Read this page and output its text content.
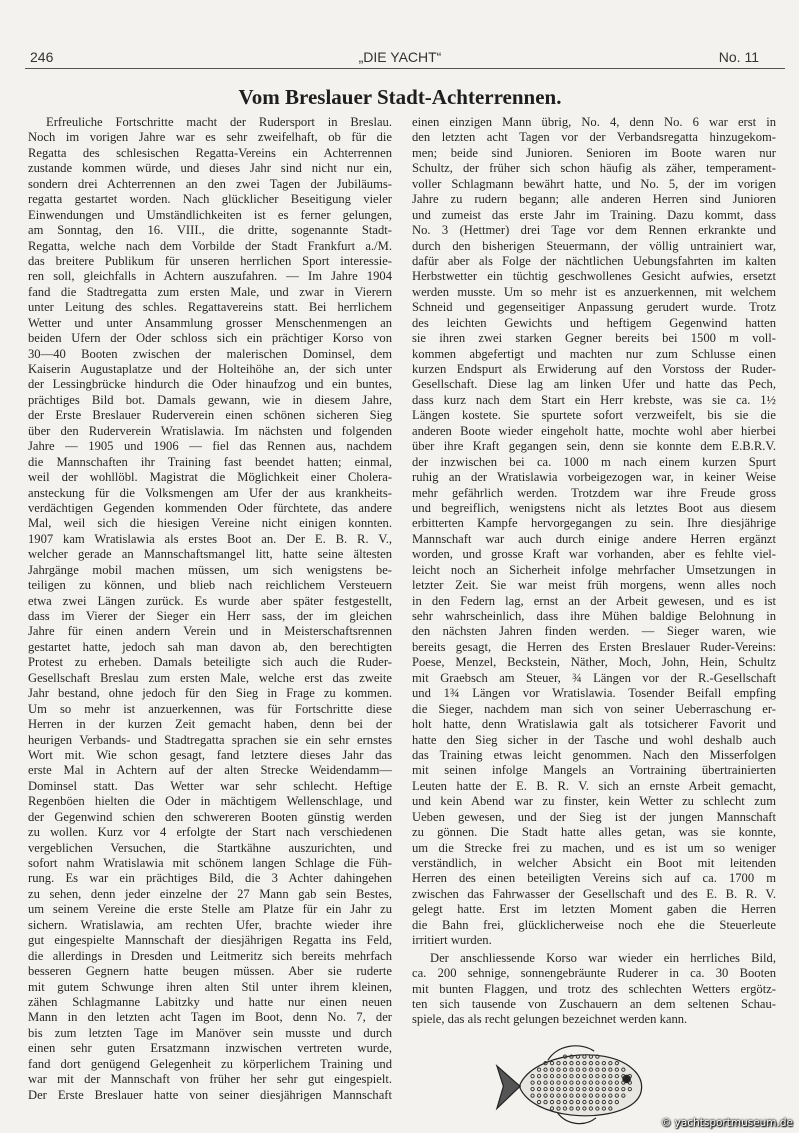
246	„DIE YACHT“	No. 11
Vom Breslauer Stadt-Achterrennen.
Erfreuliche Fortschritte macht der Rudersport in Breslau.
Noch im vorigen Jahre war es sehr zweifelhaft, ob für die
Regatta des schlesischen Regatta-Vereins ein Achterrennen
zustande kommen würde, und dieses Jahr sind nicht nur ein,
sondern drei Achterrennen an den zwei Tagen der Jubiläums-
regatta gestartet worden. Nach glücklicher Beseitigung vieler
Einwendungen und Umständlichkeiten ist es ferner gelungen,
am Sonntag, den 16. VIII., die dritte, sogenannte Stadt-
Regatta, welche nach dem Vorbilde der Stadt Frankfurt a./M.
das breitere Publikum für unseren herrlichen Sport interessie-
ren soll, gleichfalls in Achtern auszufahren. — Im Jahre 1904
fand die Stadtregatta zum ersten Male, und zwar in Vierern
unter Leitung des schles. Regattavereins statt. Bei herrlichem
Wetter und unter Ansammlung grosser Menschenmengen an
beiden Ufern der Oder schloss sich ein prächtiger Korso von
30—40 Booten zwischen der malerischen Dominsel, dem
Kaiserin Augustaplatze und der Holteihöhe an, der sich unter
der Lessingbrücke hindurch die Oder hinaufzog und ein buntes,
prächtiges Bild bot. Damals gewann, wie in diesem Jahre,
der Erste Breslauer Ruderverein einen schönen sicheren Sieg
über den Ruderverein Wratislawia. Im nächsten und folgenden
Jahre — 1905 und 1906 — fiel das Rennen aus, nachdem
die Mannschaften ihr Training fast beendet hatten; einmal,
weil der wohllöbl. Magistrat die Möglichkeit einer Cholera-
ansteckung für die Volksmengen am Ufer der aus krankheits-
verdächtigen Gegenden kommenden Oder fürchtete, das andere
Mal, weil sich die hiesigen Vereine nicht einigen konnten.
1907 kam Wratislawia als erstes Boot an. Der E. B. R. V.,
welcher gerade an Mannschaftsmangel litt, hatte seine ältesten
Jahrgänge mobil machen müssen, um sich wenigstens be-
teiligen zu können, und blieb nach reichlichem Versteuern
etwa zwei Längen zurück. Es wurde aber später festgestellt,
dass im Vierer der Sieger ein Herr sass, der im gleichen
Jahre für einen andern Verein und in Meisterschaftsrennen
gestartet hatte, jedoch sah man davon ab, den berechtigten
Protest zu erheben. Damals beteiligte sich auch die Ruder-
Gesellschaft Breslau zum ersten Male, welche erst das zweite
Jahr bestand, ohne jedoch für den Sieg in Frage zu kommen.
Um so mehr ist anzuerkennen, was für Fortschritte diese
Herren in der kurzen Zeit gemacht haben, denn bei der
heurigen Verbands- und Stadtregatta sprachen sie ein sehr ernstes
Wort mit. Wie schon gesagt, fand letztere dieses Jahr das
erste Mal in Achtern auf der alten Strecke Weidendamm—
Dominsel statt. Das Wetter war sehr schlecht. Heftige
Regenböen hielten die Oder in mächtigem Wellenschlage, und
der Gegenwind schien den schwereren Booten günstig werden
zu wollen. Kurz vor 4 erfolgte der Start nach verschiedenen
vergeblichen Versuchen, die Startkähne auszurichten, und
sofort nahm Wratislawia mit schönem langen Schlage die Füh-
rung. Es war ein prächtiges Bild, die 3 Achter dahingehen
zu sehen, denn jeder einzelne der 27 Mann gab sein Bestes,
um seinem Vereine die erste Stelle am Platze für ein Jahr zu
sichern. Wratislawia, am rechten Ufer, brachte wieder ihre
gut eingespielte Mannschaft der diesjährigen Regatta ins Feld,
die allerdings in Dresden und Leitmeritz sich bereits mehrfach
besseren Gegnern hatte beugen müssen. Aber sie ruderte
mit gutem Schwunge ihren alten Stil unter ihrem kleinen,
zähen Schlagmanne Labitzky und hatte nur einen neuen
Mann in den letzten acht Tagen im Boot, denn No. 7, der
bis zum letzten Tage im Manöver sein musste und durch
einen sehr guten Ersatzmann inzwischen vertreten wurde,
fand dort genügend Gelegenheit zu körperlichem Training und
war mit der Mannschaft von früher her sehr gut eingespielt.
Der Erste Breslauer hatte von seiner diesjährigen Mannschaft
einen einzigen Mann übrig, No. 4, denn No. 6 war erst in
den letzten acht Tagen vor der Verbandsregatta hinzugekom-
men; beide sind Junioren. Senioren im Boote waren nur
Schultz, der früher sich schon häufig als zäher, temperament-
voller Schlagmann bewährt hatte, und No. 5, der im vorigen
Jahre zu rudern begann; alle anderen Herren sind Junioren
und zumeist das erste Jahr im Training. Dazu kommt, dass
No. 3 (Hettmer) drei Tage vor dem Rennen erkrankte und
durch den bisherigen Steuermann, der völlig untrainiert war,
dafür aber als Folge der nächtlichen Uebungsfahrten im kalten
Herbstwetter ein tüchtig geschwollenes Gesicht aufwies, ersetzt
werden musste. Um so mehr ist es anzuerkennen, mit welchem
Schneid und gegenseitiger Anpassung gerudert wurde. Trotz
des leichten Gewichts und heftigem Gegenwind hatten
sie ihren zwei starken Gegner bereits bei 1500 m voll-
kommen abgefertigt und machten nur zum Schlusse einen
kurzen Endspurt als Erwiderung auf den Vorstoss der Ruder-
Gesellschaft. Diese lag am linken Ufer und hatte das Pech,
dass kurz nach dem Start ein Herr krebste, was sie ca. 1½
Längen kostete. Sie spurtete sofort verzweifelt, bis sie die
anderen Boote wieder eingeholt hatte, mochte wohl aber hierbei
über ihre Kraft gegangen sein, denn sie konnte dem E.B.R.V.
der inzwischen bei ca. 1000 m nach einem kurzen Spurt
ruhig an der Wratislawia vorbeigezogen war, in keiner Weise
mehr gefährlich werden. Trotzdem war ihre Freude gross
und begreiflich, wenigstens nicht als letztes Boot aus diesem
erbitterten Kampfe hervorgegangen zu sein. Ihre diesjährige
Mannschaft war auch durch einige andere Herren ergänzt
worden, und grosse Kraft war vorhanden, aber es fehlte viel-
leicht noch an Sicherheit infolge mehrfacher Umsetzungen in
letzter Zeit. Sie war meist früh morgens, wenn alles noch
in den Federn lag, ernst an der Arbeit gewesen, und es ist
sehr wahrscheinlich, dass ihre Mühen baldige Belohnung in
den nächsten Jahren finden werden. — Sieger waren, wie
bereits gesagt, die Herren des Ersten Breslauer Ruder-Vereins:
Poese, Menzel, Beckstein, Näther, Moch, John, Hein, Schultz
mit Graebsch am Steuer, ¾ Längen vor der R.-Gesellschaft
und 1¾ Längen vor Wratislawia. Tosender Beifall empfing
die Sieger, nachdem man sich von seiner Ueberraschung er-
holt hatte, denn Wratislawia galt als totsicherer Favorit und
hatte den Sieg sicher in der Tasche und wohl deshalb auch
das Training etwas leicht genommen. Nach den Misserfolgen
mit seinen infolge Mangels an Vortraining übertrainierten
Leuten hatte der E. B. R. V. sich an ernste Arbeit gemacht,
und kein Abend war zu finster, kein Wetter zu schlecht zum
Ueben gewesen, und der Sieg ist der jungen Mannschaft
zu gönnen. Die Stadt hatte alles getan, was sie konnte,
um die Strecke frei zu machen, und es ist um so weniger
verständlich, in welcher Absicht ein Boot mit leitenden
Herren des einen beteiligten Vereins sich auf ca. 1700 m
zwischen das Fahrwasser der Gesellschaft und des E. B. R. V.
gelegt hatte. Erst im letzten Moment gaben die Herren
die Bahn frei, glücklicherweise noch ehe die Steuerleute
irritiert wurden.
Der anschliessende Korso war wieder ein herrliches Bild,
ca. 200 sehnige, sonnengebräunte Ruderer in ca. 30 Booten
mit bunten Flaggen, und trotz des schlechten Wetters ergötz-
ten sich tausende von Zuschauern an dem seltenen Schau-
spiele, das als recht gelungen bezeichnet werden kann.
© yachtsportmuseum.de
